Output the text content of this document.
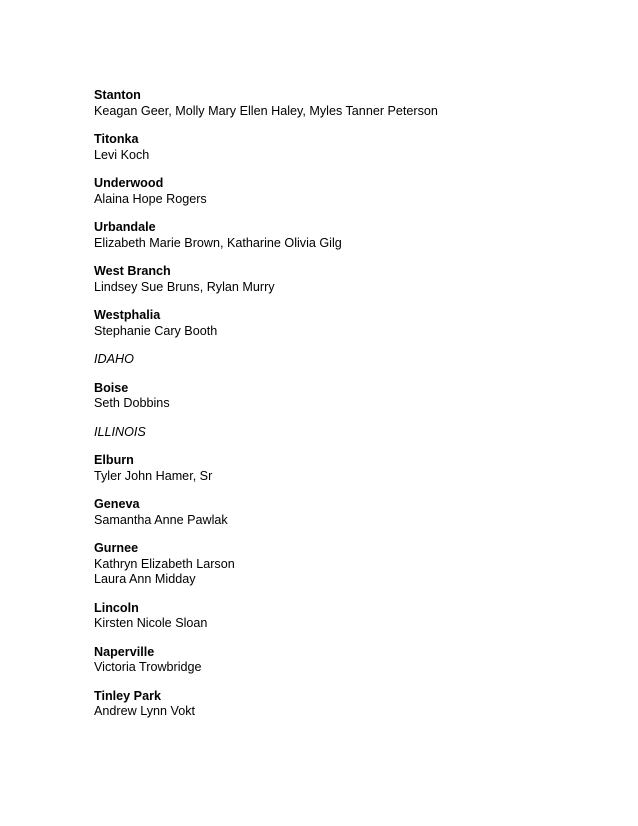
Stanton
Keagan Geer, Molly Mary Ellen Haley, Myles Tanner Peterson
Titonka
Levi Koch
Underwood
Alaina Hope Rogers
Urbandale
Elizabeth Marie Brown, Katharine Olivia Gilg
West Branch
Lindsey Sue Bruns, Rylan Murry
Westphalia
Stephanie Cary Booth
IDAHO
Boise
Seth Dobbins
ILLINOIS
Elburn
Tyler John Hamer, Sr
Geneva
Samantha Anne Pawlak
Gurnee
Kathryn Elizabeth Larson
Laura Ann Midday
Lincoln
Kirsten Nicole Sloan
Naperville
Victoria Trowbridge
Tinley Park
Andrew Lynn Vokt
